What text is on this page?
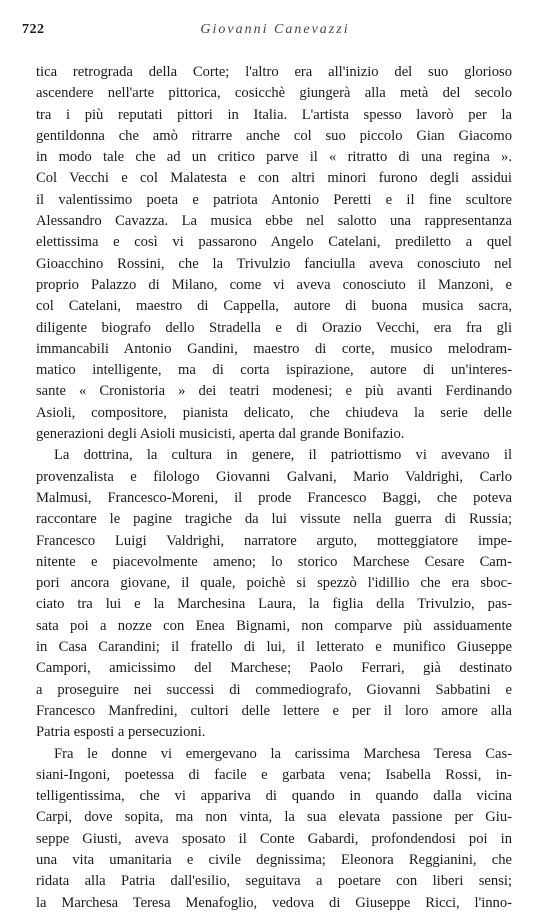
722	Giovanni Canevazzi
tica retrograda della Corte; l'altro era all'inizio del suo glorioso
ascendere nell'arte pittorica, cosicchè giungerà alla metà del secolo
tra i più reputati pittori in Italia. L'artista spesso lavorò per la
gentildonna che amò ritrarre anche col suo piccolo Gian Giacomo
in modo tale che ad un critico parve il « ritratto di una regina ».
Col Vecchi e col Malatesta e con altri minori furono degli assidui
il valentissimo poeta e patriota Antonio Peretti e il fine scultore
Alessandro Cavazza. La musica ebbe nel salotto una rappresentanza
elettissima e così vi passarono Angelo Catelani, prediletto a quel
Gioacchino Rossini, che la Trivulzio fanciulla aveva conosciuto nel
proprio Palazzo di Milano, come vi aveva conosciuto il Manzoni, e
col Catelani, maestro di Cappella, autore di buona musica sacra,
diligente biografo dello Stradella e di Orazio Vecchi, era fra gli
immancabili Antonio Gandini, maestro di corte, musico melodram-
matico intelligente, ma di corta ispirazione, autore di un'interes-
sante « Cronistoria » dei teatri modenesi; e più avanti Ferdinando
Asioli, compositore, pianista delicato, che chiudeva la serie delle
generazioni degli Asioli musicisti, aperta dal grande Bonifazio.
La dottrina, la cultura in genere, il patriottismo vi avevano il
provenzalista e filologo Giovanni Galvani, Mario Valdrighi, Carlo
Malmusi, Francesco-Moreni, il prode Francesco Baggi, che poteva
raccontare le pagine tragiche da lui vissute nella guerra di Russia;
Francesco Luigi Valdrighi, narratore arguto, motteggiatore impe-
nitente e piacevolmente ameno; lo storico Marchese Cesare Cam-
pori ancora giovane, il quale, poichè si spezzò l'idillio che era sboc-
ciato tra lui e la Marchesina Laura, la figlia della Trivulzio, pas-
sata poi a nozze con Enea Bignami, non comparve più assiduamente
in Casa Carandini; il fratello di lui, il letterato e munifico Giuseppe
Campori, amicissimo del Marchese; Paolo Ferrari, già destinato
a proseguire nei successi di commediografo, Giovanni Sabbatini e
Francesco Manfredini, cultori delle lettere e per il loro amore alla
Patria esposti a persecuzioni.
Fra le donne vi emergevano la carissima Marchesa Teresa Cas-
siani-Ingoni, poetessa di facile e garbata vena; Isabella Rossi, in-
telligentissima, che vi appariva di quando in quando dalla vicina
Carpi, dove sopita, ma non vinta, la sua elevata passione per Giu-
seppe Giusti, aveva sposato il Conte Gabardi, profondendosi poi in
una vita umanitaria e civile degnissima; Eleonora Reggianini, che
ridata alla Patria dall'esilio, seguitava a poetare con liberi sensi;
la Marchesa Teresa Menafoglio, vedova di Giuseppe Ricci, l'inno-
